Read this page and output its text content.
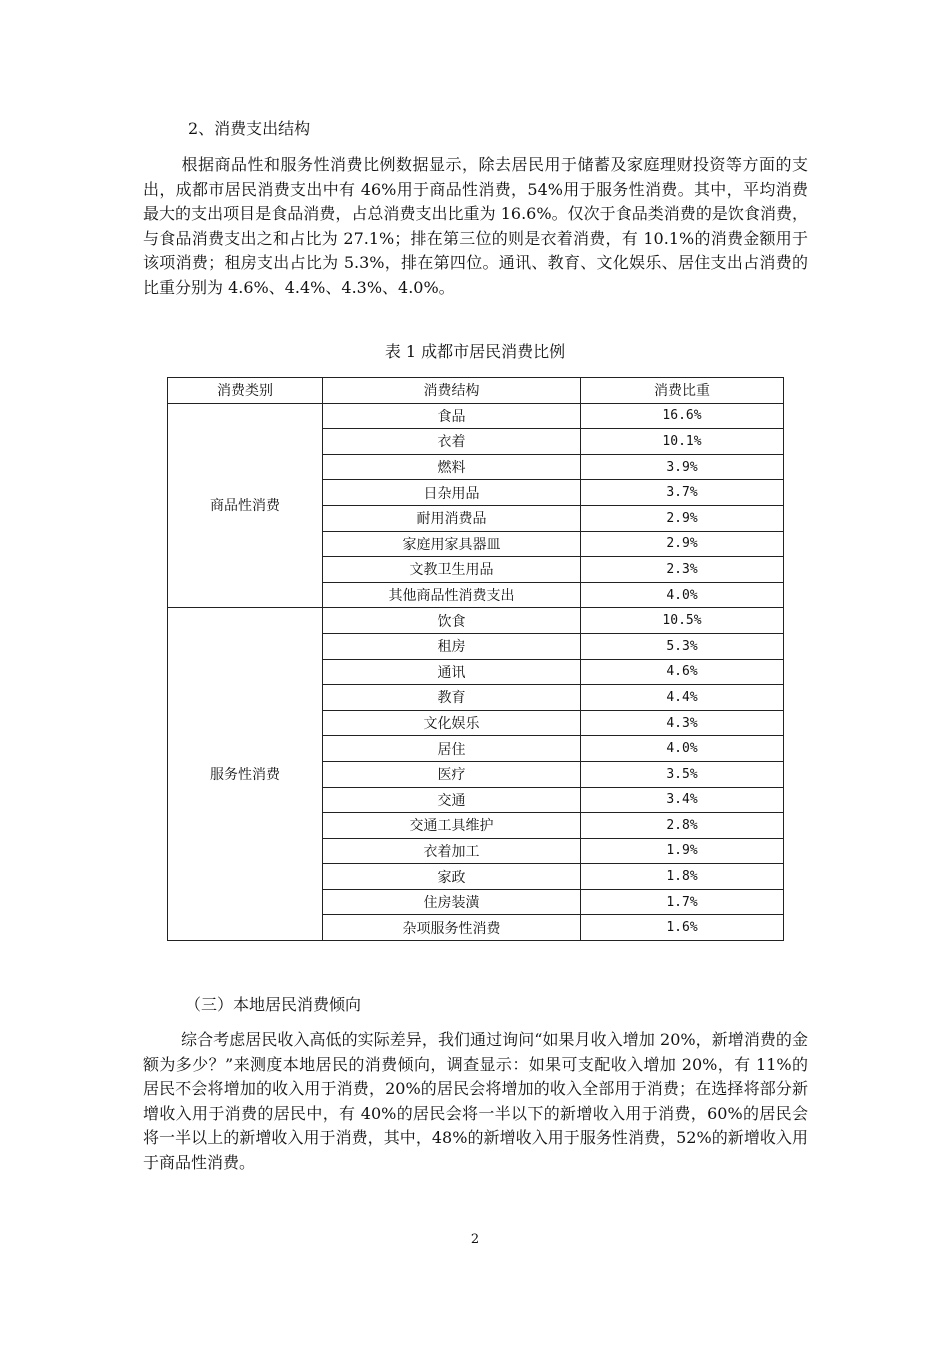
2、消费支出结构
根据商品性和服务性消费比例数据显示，除去居民用于储蓄及家庭理财投资等方面的支出，成都市居民消费支出中有 46%用于商品性消费，54%用于服务性消费。其中，平均消费最大的支出项目是食品消费，占总消费支出比重为 16.6%。仅次于食品类消费的是饮食消费，与食品消费支出之和占比为 27.1%；排在第三位的则是衣着消费，有 10.1%的消费金额用于该项消费；租房支出占比为 5.3%，排在第四位。通讯、教育、文化娱乐、居住支出占消费的比重分别为 4.6%、4.4%、4.3%、4.0%。
表 1 成都市居民消费比例
消费类别	消费结构	消费比重
商品性消费	食品	16.6%
	衣着	10.1%
	燃料	3.9%
	日杂用品	3.7%
	耐用消费品	2.9%
	家庭用家具器皿	2.9%
	文教卫生用品	2.3%
	其他商品性消费支出	4.0%
服务性消费	饮食	10.5%
	租房	5.3%
	通讯	4.6%
	教育	4.4%
	文化娱乐	4.3%
	居住	4.0%
	医疗	3.5%
	交通	3.4%
	交通工具维护	2.8%
	衣着加工	1.9%
	家政	1.8%
	住房装潢	1.7%
	杂项服务性消费	1.6%
（三）本地居民消费倾向
综合考虑居民收入高低的实际差异，我们通过询问“如果月收入增加 20%，新增消费的金额为多少？”来测度本地居民的消费倾向，调查显示：如果可支配收入增加 20%，有 11%的居民不会将增加的收入用于消费，20%的居民会将增加的收入全部用于消费；在选择将部分新增收入用于消费的居民中，有 40%的居民会将一半以下的新增收入用于消费，60%的居民会将一半以上的新增收入用于消费，其中，48%的新增收入用于服务性消费，52%的新增收入用于商品性消费。
2
